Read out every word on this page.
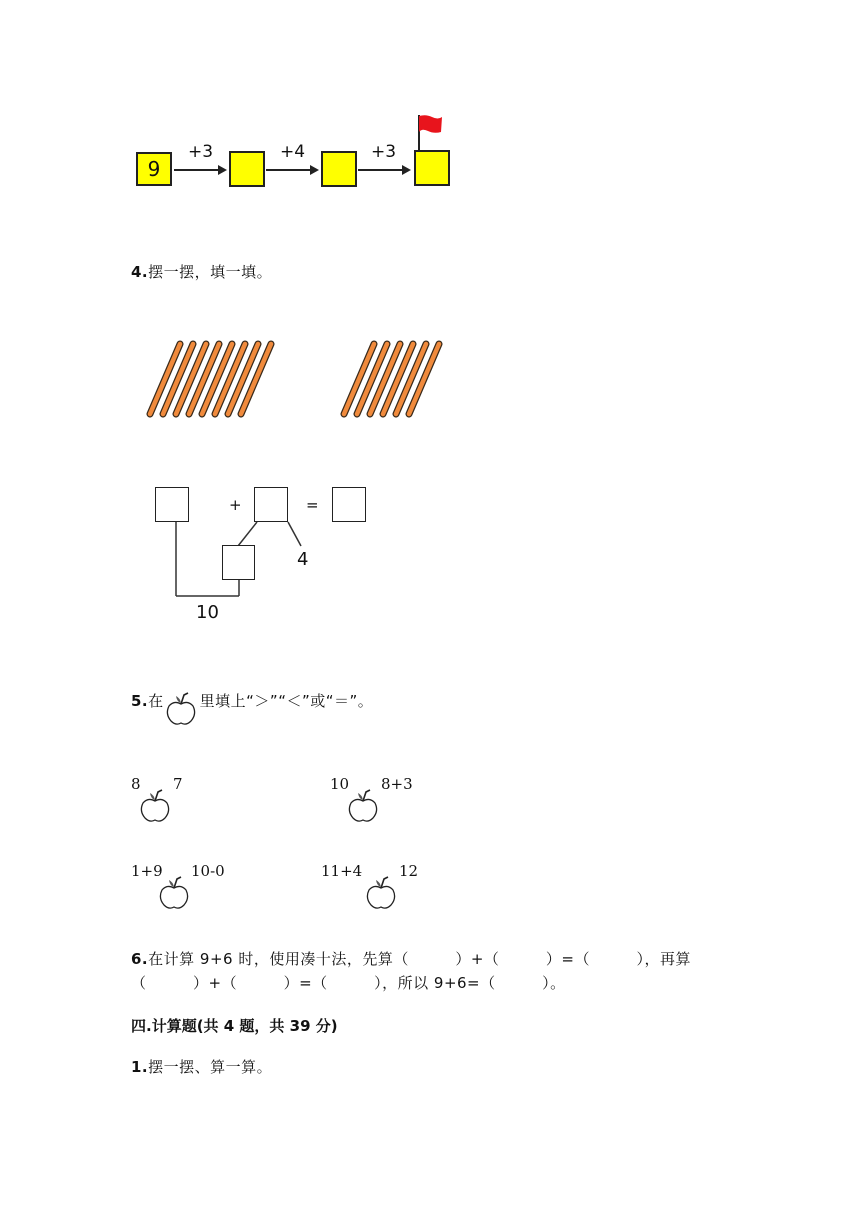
9
+3	+4	+3
4.摆一摆，填一填。
+	=
4
10
5.在 里填上“＞”“＜”或“＝”。
8 7	10 8+3
1+9 10-0	11+4 12
6.在计算 9+6 时，使用凑十法，先算（　　　）+（　　　）=（　　　），再算
（　　　）+（　　　）=（　　　），所以 9+6=（　　　）。
四.计算题(共 4 题，共 39 分)
1.摆一摆、算一算。
